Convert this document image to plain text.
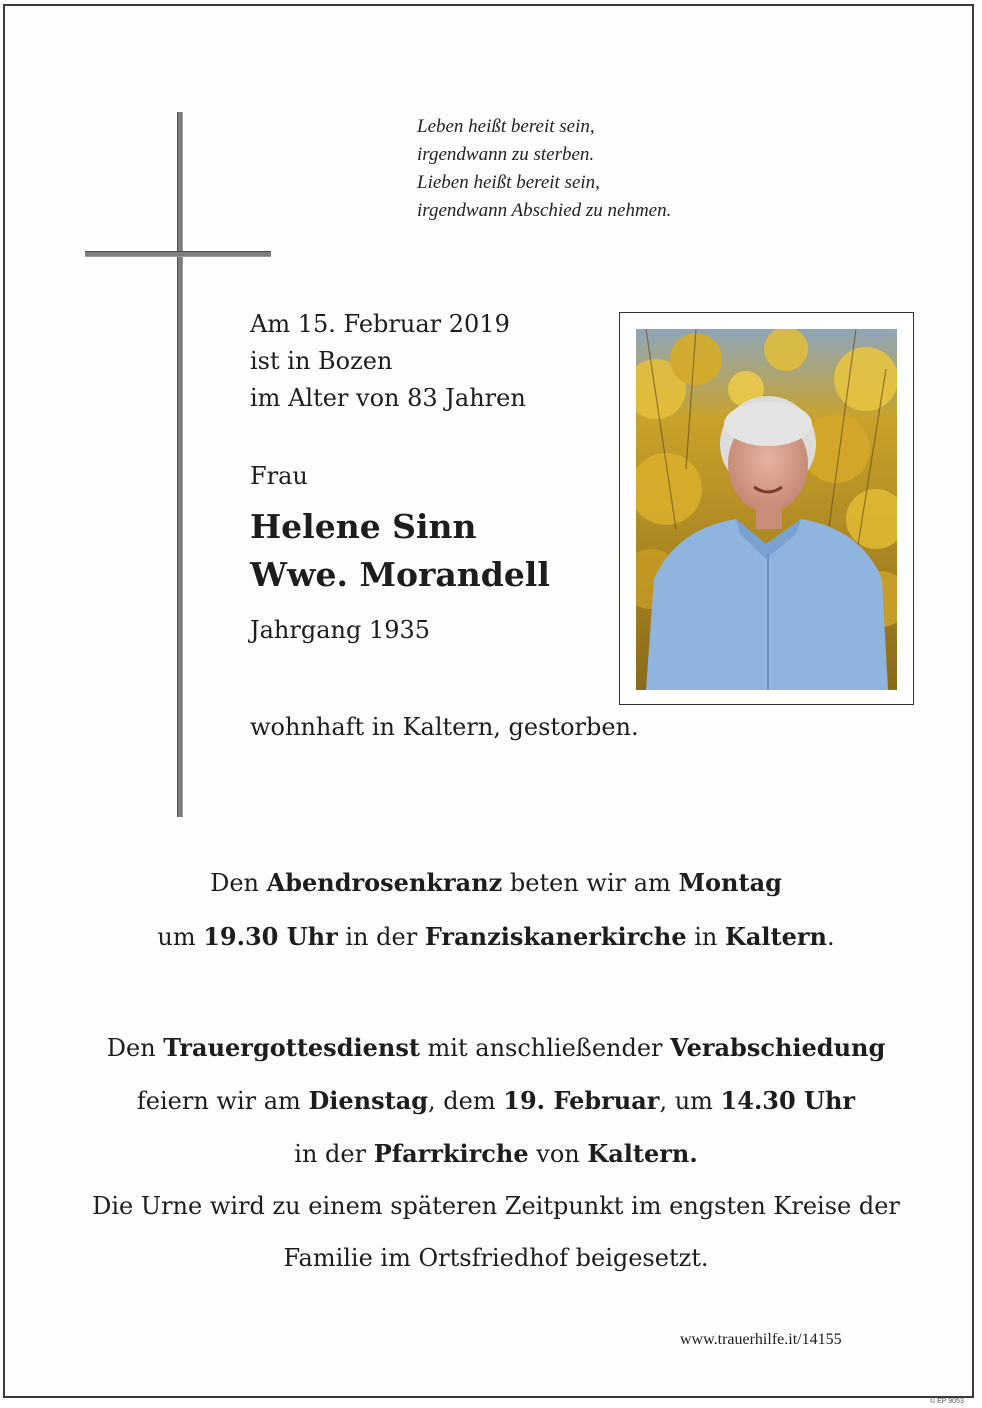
Leben heißt bereit sein,
irgendwann zu sterben.
Lieben heißt bereit sein,
irgendwann Abschied zu nehmen.
Am 15. Februar 2019
ist in Bozen
im Alter von 83 Jahren
Frau
Helene Sinn
Wwe. Morandell
Jahrgang 1935
wohnhaft in Kaltern, gestorben.
Den Abendrosenkranz beten wir am Montag
um 19.30 Uhr in der Franziskanerkirche in Kaltern.
Den Trauergottesdienst mit anschließender Verabschiedung
feiern wir am Dienstag, dem 19. Februar, um 14.30 Uhr
in der Pfarrkirche von Kaltern.
Die Urne wird zu einem späteren Zeitpunkt im engsten Kreise der
Familie im Ortsfriedhof beigesetzt.
www.trauerhilfe.it/14155
© EP 9053
